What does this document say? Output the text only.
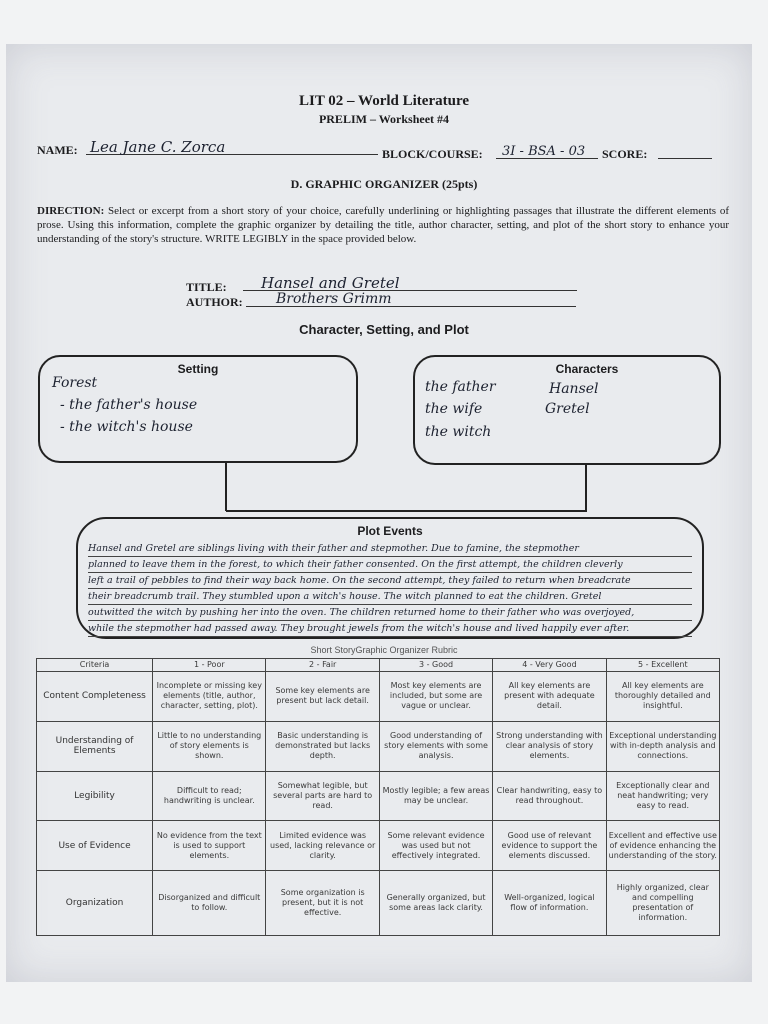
LIT 02 – World Literature
PRELIM – Worksheet #4
NAME: Lea Jane C. Zorca	BLOCK/COURSE:	3I - BSA - 03	SCORE:
D. GRAPHIC ORGANIZER (25pts)
DIRECTION: Select or excerpt from a short story of your choice, carefully underlining or highlighting passages that illustrate the different elements of prose. Using this information, complete the graphic organizer by detailing the title, author character, setting, and plot of the short story to enhance your understanding of the story's structure. WRITE LEGIBLY in the space provided below.
TITLE:	Hansel and Gretel
AUTHOR:	Brothers Grimm
Character, Setting, and Plot
Setting
Forest
- the father's house
- the witch's house
Characters
the father
the wife
the witch
Hansel
Gretel
Plot Events
Hansel and Gretel are siblings living with their father and stepmother. Due to famine, the stepmother
planned to leave them in the forest, to which their father consented. On the first attempt, the children cleverly
left a trail of pebbles to find their way back home. On the second attempt, they failed to return when breadcrate
their breadcrumb trail. They stumbled upon a witch's house. The witch planned to eat the children. Gretel
outwitted the witch by pushing her into the oven. The children returned home to their father who was overjoyed,
while the stepmother had passed away. They brought jewels from the witch's house and lived happily ever after.
Short StoryGraphic Organizer Rubric
Criteria	1 - Poor	2 - Fair	3 - Good	4 - Very Good	5 - Excellent
Content Completeness	Incomplete or missing key elements (title, author, character, setting, plot).	Some key elements are present but lack detail.	Most key elements are included, but some are vague or unclear.	All key elements are present with adequate detail.	All key elements are thoroughly detailed and insightful.
Understanding of Elements	Little to no understanding of story elements is shown.	Basic understanding is demonstrated but lacks depth.	Good understanding of story elements with some analysis.	Strong understanding with clear analysis of story elements.	Exceptional understanding with in-depth analysis and connections.
Legibility	Difficult to read; handwriting is unclear.	Somewhat legible, but several parts are hard to read.	Mostly legible; a few areas may be unclear.	Clear handwriting, easy to read throughout.	Exceptionally clear and neat handwriting; very easy to read.
Use of Evidence	No evidence from the text is used to support elements.	Limited evidence was used, lacking relevance or clarity.	Some relevant evidence was used but not effectively integrated.	Good use of relevant evidence to support the elements discussed.	Excellent and effective use of evidence enhancing the understanding of the story.
Organization	Disorganized and difficult to follow.	Some organization is present, but it is not effective.	Generally organized, but some areas lack clarity.	Well-organized, logical flow of information.	Highly organized, clear and compelling presentation of information.
